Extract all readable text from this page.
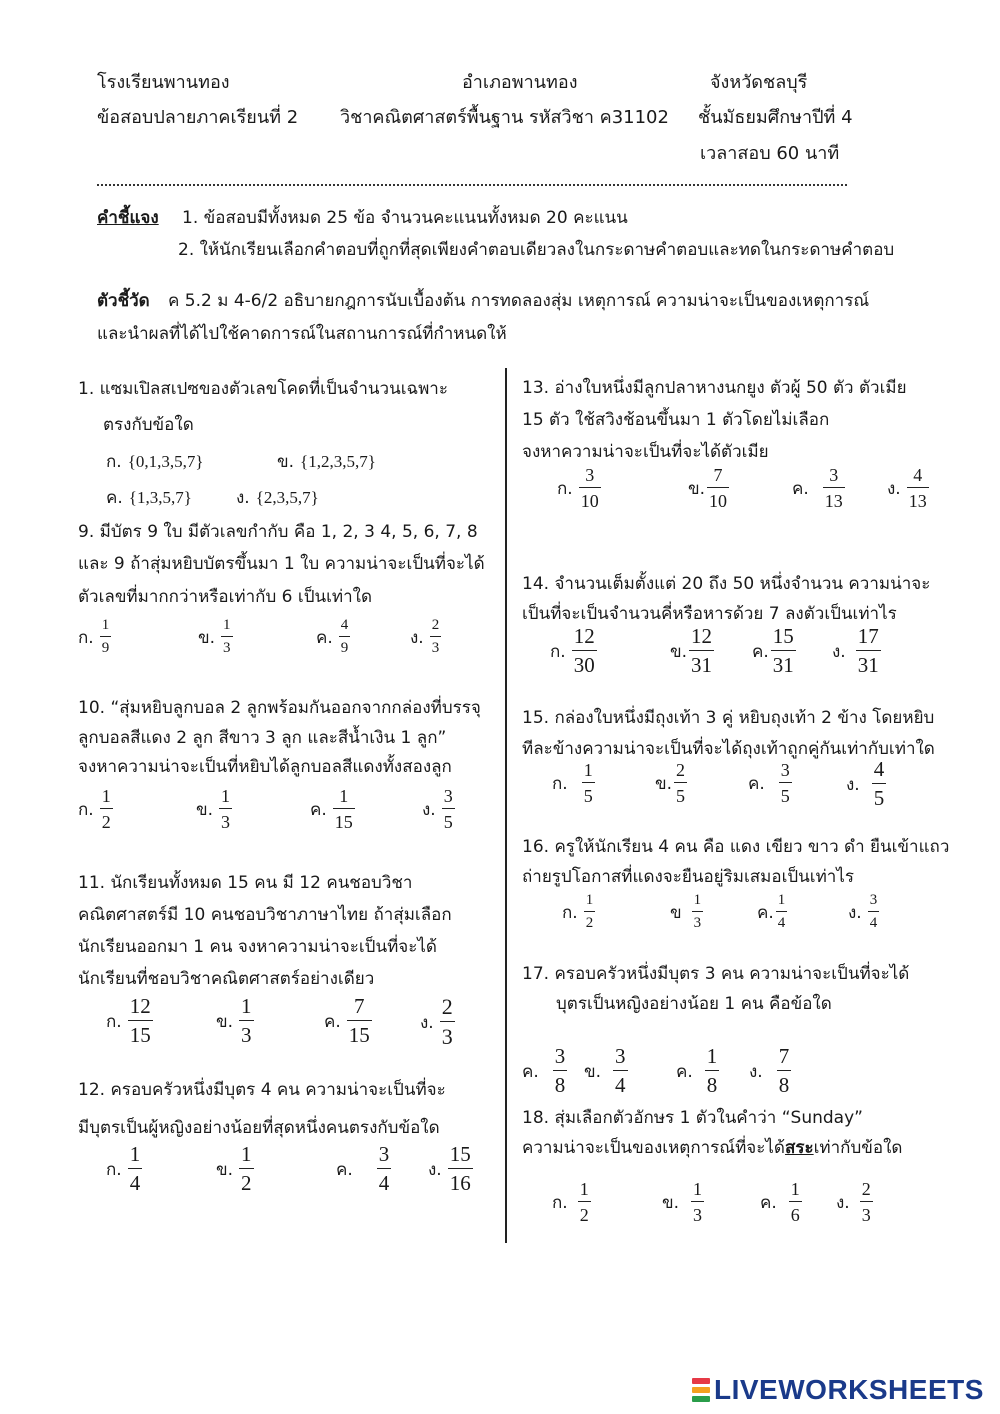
โรงเรียนพานทอง	อำเภอพานทอง	จังหวัดชลบุรี
ข้อสอบปลายภาคเรียนที่ 2 วิชาคณิตศาสตร์พื้นฐาน รหัสวิชา ค31102 ชั้นมัธยมศึกษาปีที่ 4
เวลาสอบ 60 นาที
คำชี้แจง 1. ข้อสอบมีทั้งหมด 25 ข้อ จำนวนคะแนนทั้งหมด 20 คะแนน
2. ให้นักเรียนเลือกคำตอบที่ถูกที่สุดเพียงคำตอบเดียวลงในกระดาษคำตอบและทดในกระดาษคำตอบ
ตัวชี้วัด ค 5.2 ม 4-6/2 อธิบายกฎการนับเบื้องต้น การทดลองสุ่ม เหตุการณ์ ความน่าจะเป็นของเหตุการณ์
และนำผลที่ได้ไปใช้คาดการณ์ในสถานการณ์ที่กำหนดให้
1. แซมเปิลสเปซของตัวเลขโคดที่เป็นจำนวนเฉพาะ
ตรงกับข้อใด
ก. {0,1,3,5,7}	ข. {1,2,3,5,7}
ค. {1,3,5,7}	ง. {2,3,5,7}
9. มีบัตร 9 ใบ มีตัวเลขกำกับ คือ 1, 2, 3 4, 5, 6, 7, 8
และ 9 ถ้าสุ่มหยิบบัตรขึ้นมา 1 ใบ ความน่าจะเป็นที่จะได้
ตัวเลขที่มากกว่าหรือเท่ากับ 6 เป็นเท่าใด
ก. $\frac{1}{9}$	ข. $\frac{1}{3}$	ค. $\frac{4}{9}$	ง. $\frac{2}{3}$
10. “สุ่มหยิบลูกบอล 2 ลูกพร้อมกันออกจากกล่องที่บรรจุ
ลูกบอลสีแดง 2 ลูก สีขาว 3 ลูก และสีน้ำเงิน 1 ลูก”
จงหาความน่าจะเป็นที่หยิบได้ลูกบอลสีแดงทั้งสองลูก
ก. $\frac{1}{2}$	ข. $\frac{1}{3}$	ค. $\frac{1}{15}$	ง. $\frac{3}{5}$
11. นักเรียนทั้งหมด 15 คน มี 12 คนชอบวิชา
คณิตศาสตร์มี 10 คนชอบวิชาภาษาไทย ถ้าสุ่มเลือก
นักเรียนออกมา 1 คน จงหาความน่าจะเป็นที่จะได้
นักเรียนที่ชอบวิชาคณิตศาสตร์อย่างเดียว
ก. $\frac{12}{15}$	ข. $\frac{1}{3}$	ค. $\frac{7}{15}$	ง. $\frac{2}{3}$
12. ครอบครัวหนึ่งมีบุตร 4 คน ความน่าจะเป็นที่จะ
มีบุตรเป็นผู้หญิงอย่างน้อยที่สุดหนึ่งคนตรงกับข้อใด
ก. $\frac{1}{4}$	ข. $\frac{1}{2}$	ค. $\frac{3}{4}$ ง. $\frac{15}{16}$
13. อ่างใบหนึ่งมีลูกปลาหางนกยูง ตัวผู้ 50 ตัว ตัวเมีย
15 ตัว ใช้สวิงช้อนขึ้นมา 1 ตัวโดยไม่เลือก
จงหาความน่าจะเป็นที่จะได้ตัวเมีย
ก. $\frac{3}{10}$	ข. $\frac{7}{10}$	ค. $\frac{3}{13}$ ง. $\frac{4}{13}$
14. จำนวนเต็มตั้งแต่ 20 ถึง 50 หนึ่งจำนวน ความน่าจะ
เป็นที่จะเป็นจำนวนคี่หรือหารด้วย 7 ลงตัวเป็นเท่าไร
ก. $\frac{12}{30}$	ข. $\frac{12}{31}$ ค. $\frac{15}{31}$ ง. $\frac{17}{31}$
15. กล่องใบหนึ่งมีถุงเท้า 3 คู่ หยิบถุงเท้า 2 ข้าง โดยหยิบ
ทีละข้างความน่าจะเป็นที่จะได้ถุงเท้าถูกคู่กันเท่ากับเท่าใด
ก. $\frac{1}{5}$	ข. $\frac{2}{5}$	ค. $\frac{3}{5}$	ง. $\frac{4}{5}$
16. ครูให้นักเรียน 4 คน คือ แดง เขียว ขาว ดำ ยืนเข้าแถว
ถ่ายรูปโอกาสที่แดงจะยืนอยู่ริมเสมอเป็นเท่าไร
ก. $\frac{1}{2}$	ข $\frac{1}{3}$	ค. $\frac{1}{4}$	ง. $\frac{3}{4}$
17. ครอบครัวหนึ่งมีบุตร 3 คน ความน่าจะเป็นที่จะได้
บุตรเป็นหญิงอย่างน้อย 1 คน คือข้อใด
ค. $\frac{3}{8}$ ข. $\frac{3}{4}$	ค. $\frac{1}{8}$ ง. $\frac{7}{8}$
18. สุ่มเลือกตัวอักษร 1 ตัวในคำว่า “Sunday”
ความน่าจะเป็นของเหตุการณ์ที่จะได้สระเท่ากับข้อใด
ก. $\frac{1}{2}$	ข. $\frac{1}{3}$	ค. $\frac{1}{6}$ ง. $\frac{2}{3}$
LIVEWORKSHEETS
